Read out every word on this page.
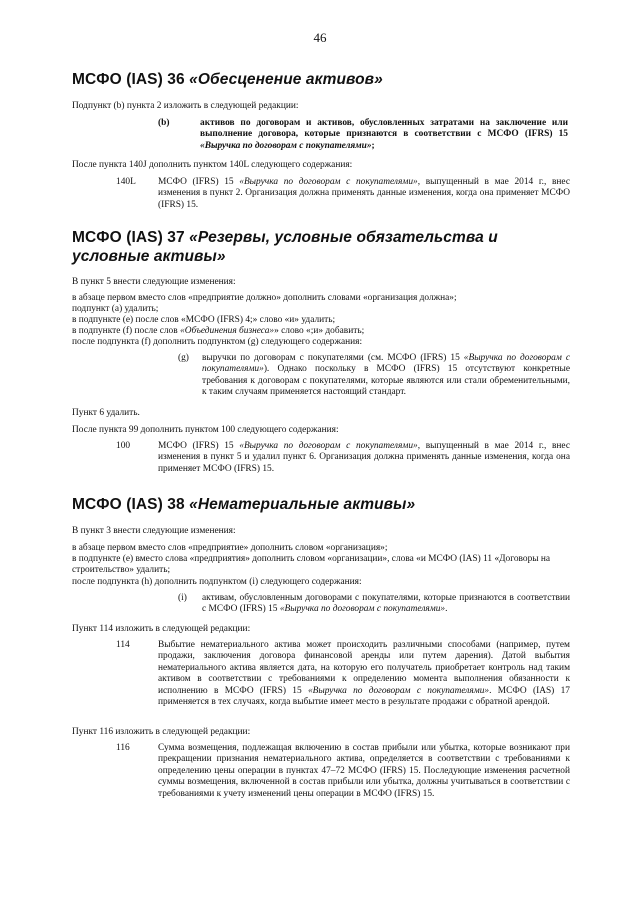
46
МСФО (IAS) 36 «Обесценение активов»
Подпункт (b) пункта 2 изложить в следующей редакции:
(b)	активов по договорам и активов, обусловленных затратами на заключение или выполнение договора, которые признаются в соответствии с МСФО (IFRS) 15 «Выручка по договорам с покупателями»;
После пункта 140J дополнить пунктом 140L следующего содержания:
140L МСФО (IFRS) 15 «Выручка по договорам с покупателями», выпущенный в мае 2014 г., внес изменения в пункт 2. Организация должна применять данные изменения, когда она применяет МСФО (IFRS) 15.
МСФО (IAS) 37 «Резервы, условные обязательства и условные активы»
В пункт 5 внести следующие изменения:
в абзаце первом вместо слов «предприятие должно» дополнить словами «организация должна»;
подпункт (a) удалить;
в подпункте (e) после слов «МСФО (IFRS) 4;» слово «и» удалить;
в подпункте (f) после слов «Объединения бизнеса»» слово «;и» добавить;
после подпункта (f) дополнить подпунктом (g) следующего содержания:
(g) выручки по договорам с покупателями (см. МСФО (IFRS) 15 «Выручка по договорам с покупателями»). Однако поскольку в МСФО (IFRS) 15 отсутствуют конкретные требования к договорам с покупателями, которые являются или стали обременительными, к таким случаям применяется настоящий стандарт.
Пункт 6 удалить.
После пункта 99 дополнить пунктом 100 следующего содержания:
100	МСФО (IFRS) 15 «Выручка по договорам с покупателями», выпущенный в мае 2014 г., внес изменения в пункт 5 и удалил пункт 6. Организация должна применять данные изменения, когда она применяет МСФО (IFRS) 15.
МСФО (IAS) 38 «Нематериальные активы»
В пункт 3 внести следующие изменения:
в абзаце первом вместо слов «предприятие» дополнить словом «организация»;
в подпункте (e) вместо слова «предприятия» дополнить словом «организации», слова «и МСФО (IAS) 11 «Договоры на строительство» удалить;
после подпункта (h) дополнить подпунктом (i) следующего содержания:
(i) активам, обусловленным договорами с покупателями, которые признаются в соответствии с МСФО (IFRS) 15 «Выручка по договорам с покупателями».
Пункт 114 изложить в следующей редакции:
114	Выбытие нематериального актива может происходить различными способами (например, путем продажи, заключения договора финансовой аренды или путем дарения). Датой выбытия нематериального актива является дата, на которую его получатель приобретает контроль над таким активом в соответствии с требованиями к определению момента выполнения обязанности к исполнению в МСФО (IFRS) 15 «Выручка по договорам с покупателями». МСФО (IAS) 17 применяется в тех случаях, когда выбытие имеет место в результате продажи с обратной арендой.
Пункт 116 изложить в следующей редакции:
116	Сумма возмещения, подлежащая включению в состав прибыли или убытка, которые возникают при прекращении признания нематериального актива, определяется в соответствии с требованиями к определению цены операции в пунктах 47–72 МСФО (IFRS) 15. Последующие изменения расчетной суммы возмещения, включенной в состав прибыли или убытка, должны учитываться в соответствии с требованиями к учету изменений цены операции в МСФО (IFRS) 15.
